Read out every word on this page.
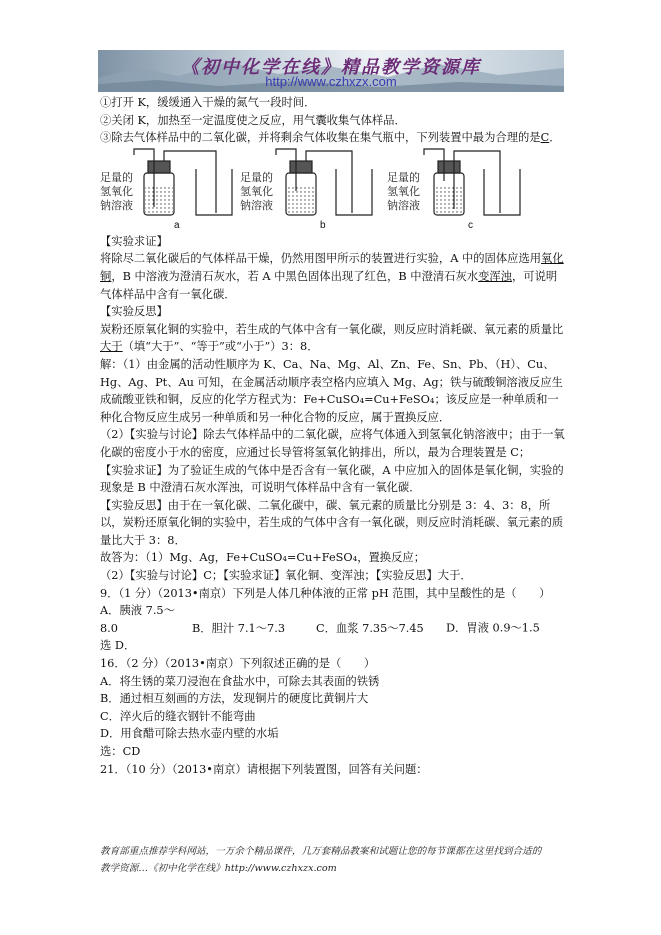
《初中化学在线》精品教学资源库
http://www.czhxzx.com

①打开 K，缓缓通入干燥的氮气一段时间．

②关闭 K，加热至一定温度使之反应，用气囊收集气体样品．

③除去气体样品中的二氧化碳，并将剩余气体收集在集气瓶中，下列装置中最为合理的是C．

足量的
氢氧化
钠溶液
足量的
氢氧化
钠溶液
足量的
氢氧化
钠溶液
a	b	c

【实验求证】

将除尽二氧化碳后的气体样品干燥，仍然用图甲所示的装置进行实验，A 中的固体应选用氧化铜，B 中溶液为澄清石灰水，若 A 中黑色固体出现了红色，B 中澄清石灰水变浑浊，可说明气体样品中含有一氧化碳．

【实验反思】

炭粉还原氧化铜的实验中，若生成的气体中含有一氧化碳，则反应时消耗碳、氧元素的质量比大于（填“大于”、“等于”或“小于”）3：8．

解：（1）由金属的活动性顺序为 K、Ca、Na、Mg、Al、Zn、Fe、Sn、Pb、（H）、Cu、Hg、Ag、Pt、Au 可知，在金属活动顺序表空格内应填入 Mg、Ag；铁与硫酸铜溶液反应生成硫酸亚铁和铜，反应的化学方程式为：Fe+CuSO₄=Cu+FeSO₄；该反应是一种单质和一种化合物反应生成另一种单质和另一种化合物的反应，属于置换反应．

（2）【实验与讨论】除去气体样品中的二氧化碳，应将气体通入到氢氧化钠溶液中；由于一氧化碳的密度小于水的密度，应通过长导管将氢氧化钠排出，所以，最为合理装置是 C；

【实验求证】为了验证生成的气体中是否含有一氧化碳，A 中应加入的固体是氧化铜，实验的现象是 B 中澄清石灰水浑浊，可说明气体样品中含有一氧化碳．

【实验反思】由于在一氧化碳、二氧化碳中，碳、氧元素的质量比分别是 3：4、3：8，所以，炭粉还原氧化铜的实验中，若生成的气体中含有一氧化碳，则反应时消耗碳、氧元素的质量比大于 3：8．

故答为：（1）Mg、Ag，Fe+CuSO₄=Cu+FeSO₄，置换反应；

（2）【实验与讨论】C；【实验求证】氧化铜、变浑浊；【实验反思】大于．

9．（1 分）（2013•南京）下列是人体几种体液的正常 pH 范围，其中呈酸性的是（　　）

A．胰液 7.5～8.0	B．胆汁 7.1～7.3	C．血浆 7.35～7.45 D．胃液 0.9～1.5

选 D．

16．（2 分）（2013•南京）下列叙述正确的是（　　）

A．将生锈的菜刀浸泡在食盐水中，可除去其表面的铁锈

B．通过相互刻画的方法，发现铜片的硬度比黄铜片大

C．淬火后的缝衣钢针不能弯曲

D．用食醋可除去热水壶内壁的水垢

选：CD

21．（10 分）（2013•南京）请根据下列装置图，回答有关问题：

教育部重点推荐学科网站，一万余个精品课件，几万套精品教案和试题让您的每节课都在这里找到合适的
教学资源…《初中化学在线》http://www.czhxzx.com
